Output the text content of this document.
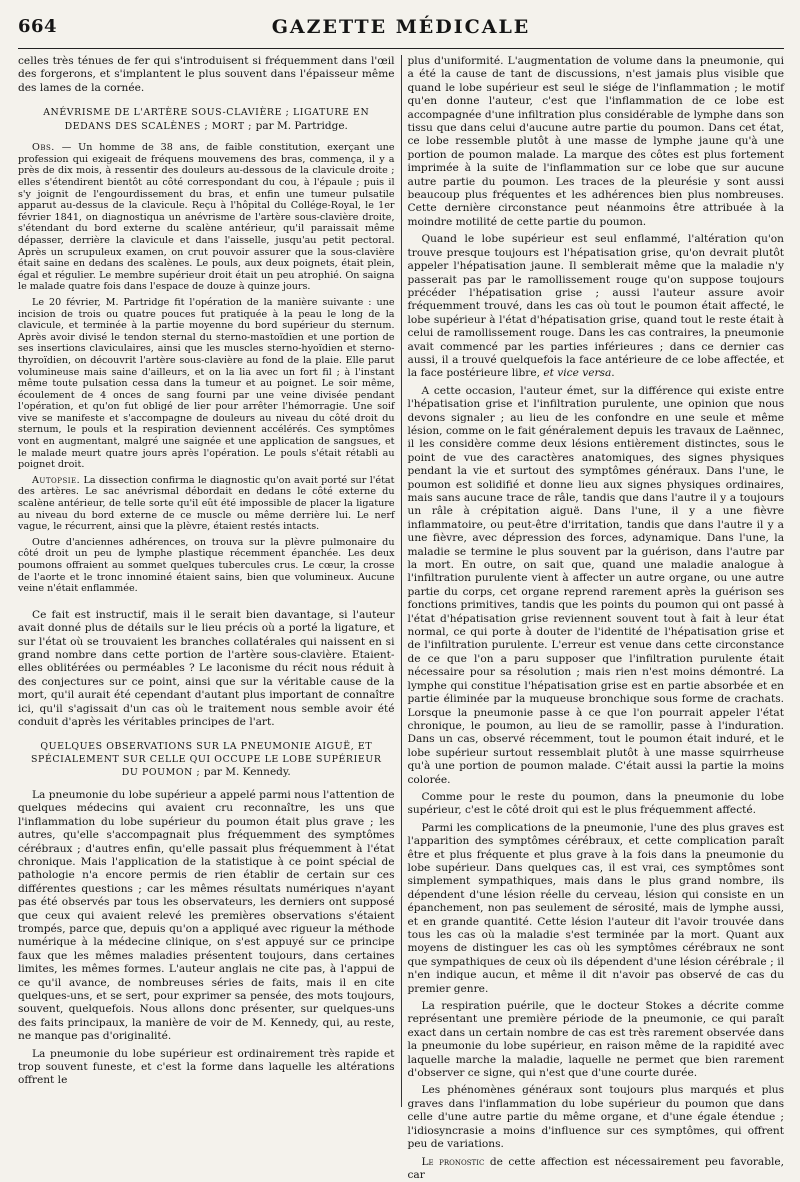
664	GAZETTE MÉDICALE

celles très ténues de fer qui s'introduisent si fréquemment dans l'œil des forgerons, et s'implantent le plus souvent dans l'épaisseur même des lames de la cornée.

ANÉVRISME DE L'ARTÈRE SOUS-CLAVIÈRE ; LIGATURE EN DEDANS DES SCALÈNES ; MORT ; par M. Partridge.

Obs. — Un homme de 38 ans, de faible constitution, exerçant une profession qui exigeait de fréquens mouvemens des bras, commença, il y a près de dix mois, à ressentir des douleurs au-dessous de la clavicule droite ; elles s'étendirent bientôt au côté correspondant du cou, à l'épaule ; puis il s'y joignit de l'engourdissement du bras, et enfin une tumeur pulsatile apparut au-dessus de la clavicule. Reçu à l'hôpital du Collége-Royal, le 1er février 1841, on diagnostiqua un anévrisme de l'artère sous-clavière droite, s'étendant du bord externe du scalène antérieur, qu'il paraissait même dépasser, derrière la clavicule et dans l'aisselle, jusqu'au petit pectoral. Après un scrupuleux examen, on crut pouvoir assurer que la sous-clavière était saine en dedans des scalènes. Le pouls, aux deux poignets, était plein, égal et régulier. Le membre supérieur droit était un peu atrophié. On saigna le malade quatre fois dans l'espace de douze à quinze jours.

Le 20 février, M. Partridge fit l'opération de la manière suivante : une incision de trois ou quatre pouces fut pratiquée à la peau le long de la clavicule, et terminée à la partie moyenne du bord supérieur du sternum. Après avoir divisé le tendon sternal du sterno-mastoïdien et une portion de ses insertions claviculaires, ainsi que les muscles sterno-hyoïdien et sterno-thyroïdien, on découvrit l'artère sous-clavière au fond de la plaie. Elle parut volumineuse mais saine d'ailleurs, et on la lia avec un fort fil ; à l'instant même toute pulsation cessa dans la tumeur et au poignet. Le soir même, écoulement de 4 onces de sang fourni par une veine divisée pendant l'opération, et qu'on fut obligé de lier pour arrêter l'hémorragie. Une soif vive se manifeste et s'accompagne de douleurs au niveau du côté droit du sternum, le pouls et la respiration deviennent accélérés. Ces symptômes vont en augmentant, malgré une saignée et une application de sangsues, et le malade meurt quatre jours après l'opération. Le pouls s'était rétabli au poignet droit.

Autopsie. La dissection confirma le diagnostic qu'on avait porté sur l'état des artères. Le sac anévrismal débordait en dedans le côté externe du scalène antérieur, de telle sorte qu'il eût été impossible de placer la ligature au niveau du bord externe de ce muscle ou même derrière lui. Le nerf vague, le récurrent, ainsi que la plèvre, étaient restés intacts.

Outre d'anciennes adhérences, on trouva sur la plèvre pulmonaire du côté droit un peu de lymphe plastique récemment épanchée. Les deux poumons offraient au sommet quelques tubercules crus. Le cœur, la crosse de l'aorte et le tronc innominé étaient sains, bien que volumineux. Aucune veine n'était enflammée.

Ce fait est instructif, mais il le serait bien davantage, si l'auteur avait donné plus de détails sur le lieu précis où a porté la ligature, et sur l'état où se trouvaient les branches collatérales qui naissent en si grand nombre dans cette portion de l'artère sous-clavière. Etaient-elles oblitérées ou perméables ? Le laconisme du récit nous réduit à des conjectures sur ce point, ainsi que sur la véritable cause de la mort, qu'il aurait été cependant d'autant plus important de connaître ici, qu'il s'agissait d'un cas où le traitement nous semble avoir été conduit d'après les véritables principes de l'art.

QUELQUES OBSERVATIONS SUR LA PNEUMONIE AIGUË, ET SPÉCIALEMENT SUR CELLE QUI OCCUPE LE LOBE SUPÉRIEUR DU POUMON ; par M. Kennedy.

La pneumonie du lobe supérieur a appelé parmi nous l'attention de quelques médecins qui avaient cru reconnaître, les uns que l'inflammation du lobe supérieur du poumon était plus grave ; les autres, qu'elle s'accompagnait plus fréquemment des symptômes cérébraux ; d'autres enfin, qu'elle passait plus fréquemment à l'état chronique. Mais l'application de la statistique à ce point spécial de pathologie n'a encore permis de rien établir de certain sur ces différentes questions ; car les mêmes résultats numériques n'ayant pas été observés par tous les observateurs, les derniers ont supposé que ceux qui avaient relevé les premières observations s'étaient trompés, parce que, depuis qu'on a appliqué avec rigueur la méthode numérique à la médecine clinique, on s'est appuyé sur ce principe faux que les mêmes maladies présentent toujours, dans certaines limites, les mêmes formes. L'auteur anglais ne cite pas, à l'appui de ce qu'il avance, de nombreuses séries de faits, mais il en cite quelques-uns, et se sert, pour exprimer sa pensée, des mots toujours, souvent, quelquefois. Nous allons donc présenter, sur quelques-uns des faits principaux, la manière de voir de M. Kennedy, qui, au reste, ne manque pas d'originalité.

La pneumonie du lobe supérieur est ordinairement très rapide et trop souvent funeste, et c'est la forme dans laquelle les altérations offrent le

plus d'uniformité. L'augmentation de volume dans la pneumonie, qui a été la cause de tant de discussions, n'est jamais plus visible que quand le lobe supérieur est seul le siége de l'inflammation ; le motif qu'en donne l'auteur, c'est que l'inflammation de ce lobe est accompagnée d'une infiltration plus considérable de lymphe dans son tissu que dans celui d'aucune autre partie du poumon. Dans cet état, ce lobe ressemble plutôt à une masse de lymphe jaune qu'à une portion de poumon malade. La marque des côtes est plus fortement imprimée à la suite de l'inflammation sur ce lobe que sur aucune autre partie du poumon. Les traces de la pleurésie y sont aussi beaucoup plus fréquentes et les adhérences bien plus nombreuses. Cette dernière circonstance peut néanmoins être attribuée à la moindre motilité de cette partie du poumon.

Quand le lobe supérieur est seul enflammé, l'altération qu'on trouve presque toujours est l'hépatisation grise, qu'on devrait plutôt appeler l'hépatisation jaune. Il semblerait même que la maladie n'y passerait pas par le ramollissement rouge qu'on suppose toujours précéder l'hépatisation grise ; aussi l'auteur assure avoir fréquemment trouvé, dans les cas où tout le poumon était affecté, le lobe supérieur à l'état d'hépatisation grise, quand tout le reste était à celui de ramollissement rouge. Dans les cas contraires, la pneumonie avait commencé par les parties inférieures ; dans ce dernier cas aussi, il a trouvé quelquefois la face antérieure de ce lobe affectée, et la face postérieure libre, et vice versa.

A cette occasion, l'auteur émet, sur la différence qui existe entre l'hépatisation grise et l'infiltration purulente, une opinion que nous devons signaler ; au lieu de les confondre en une seule et même lésion, comme on le fait généralement depuis les travaux de Laënnec, il les considère comme deux lésions entièrement distinctes, sous le point de vue des caractères anatomiques, des signes physiques pendant la vie et surtout des symptômes généraux. Dans l'une, le poumon est solidifié et donne lieu aux signes physiques ordinaires, mais sans aucune trace de râle, tandis que dans l'autre il y a toujours un râle à crépitation aiguë. Dans l'une, il y a une fièvre inflammatoire, ou peut-être d'irritation, tandis que dans l'autre il y a une fièvre, avec dépression des forces, adynamique. Dans l'une, la maladie se termine le plus souvent par la guérison, dans l'autre par la mort. En outre, on sait que, quand une maladie analogue à l'infiltration purulente vient à affecter un autre organe, ou une autre partie du corps, cet organe reprend rarement après la guérison ses fonctions primitives, tandis que les points du poumon qui ont passé à l'état d'hépatisation grise reviennent souvent tout à fait à leur état normal, ce qui porte à douter de l'identité de l'hépatisation grise et de l'infiltration purulente. L'erreur est venue dans cette circonstance de ce que l'on a paru supposer que l'infiltration purulente était nécessaire pour sa résolution ; mais rien n'est moins démontré. La lymphe qui constitue l'hépatisation grise est en partie absorbée et en partie éliminée par la muqueuse bronchique sous forme de crachats. Lorsque la pneumonie passe à ce que l'on pourrait appeler l'état chronique, le poumon, au lieu de se ramollir, passe à l'induration. Dans un cas, observé récemment, tout le poumon était induré, et le lobe supérieur surtout ressemblait plutôt à une masse squirrheuse qu'à une portion de poumon malade. C'était aussi la partie la moins colorée.

Comme pour le reste du poumon, dans la pneumonie du lobe supérieur, c'est le côté droit qui est le plus fréquemment affecté.

Parmi les complications de la pneumonie, l'une des plus graves est l'apparition des symptômes cérébraux, et cette complication paraît être et plus fréquente et plus grave à la fois dans la pneumonie du lobe supérieur. Dans quelques cas, il est vrai, ces symptômes sont simplement sympathiques, mais dans le plus grand nombre, ils dépendent d'une lésion réelle du cerveau, lésion qui consiste en un épanchement, non pas seulement de sérosité, mais de lymphe aussi, et en grande quantité. Cette lésion l'auteur dit l'avoir trouvée dans tous les cas où la maladie s'est terminée par la mort. Quant aux moyens de distinguer les cas où les symptômes cérébraux ne sont que sympathiques de ceux où ils dépendent d'une lésion cérébrale ; il n'en indique aucun, et même il dit n'avoir pas observé de cas du premier genre.

La respiration puérile, que le docteur Stokes a décrite comme représentant une première période de la pneumonie, ce qui paraît exact dans un certain nombre de cas est très rarement observée dans la pneumonie du lobe supérieur, en raison même de la rapidité avec laquelle marche la maladie, laquelle ne permet que bien rarement d'observer ce signe, qui n'est que d'une courte durée.

Les phénomènes généraux sont toujours plus marqués et plus graves dans l'inflammation du lobe supérieur du poumon que dans celle d'une autre partie du même organe, et d'une égale étendue ; l'idiosyncrasie a moins d'influence sur ces symptômes, qui offrent peu de variations.

Le pronostic de cette affection est nécessairement peu favorable, car
